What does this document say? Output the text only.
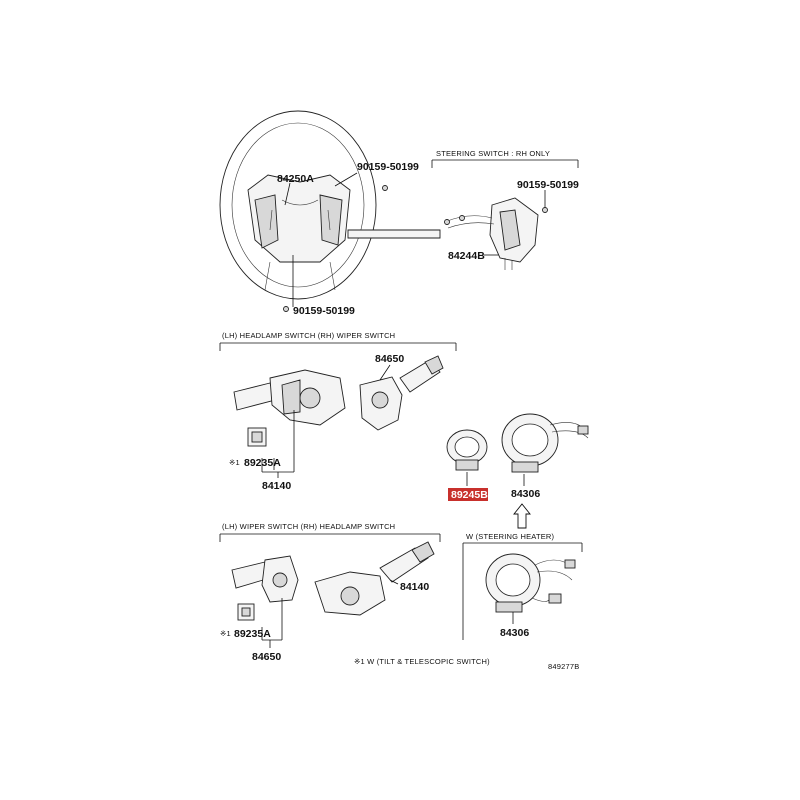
84250A
90159-50199
90159-50199
STEERING SWITCH : RH ONLY
90159-50199
84244B
(LH) HEADLAMP SWITCH (RH) WIPER SWITCH
84650
※1 89235A
84140
89245B 84306
W (STEERING HEATER)
84306
(LH) WIPER SWITCH (RH) HEADLAMP SWITCH
84140
※1 89235A
84650	※1 W (TILT & TELESCOPIC SWITCH)
849277B
